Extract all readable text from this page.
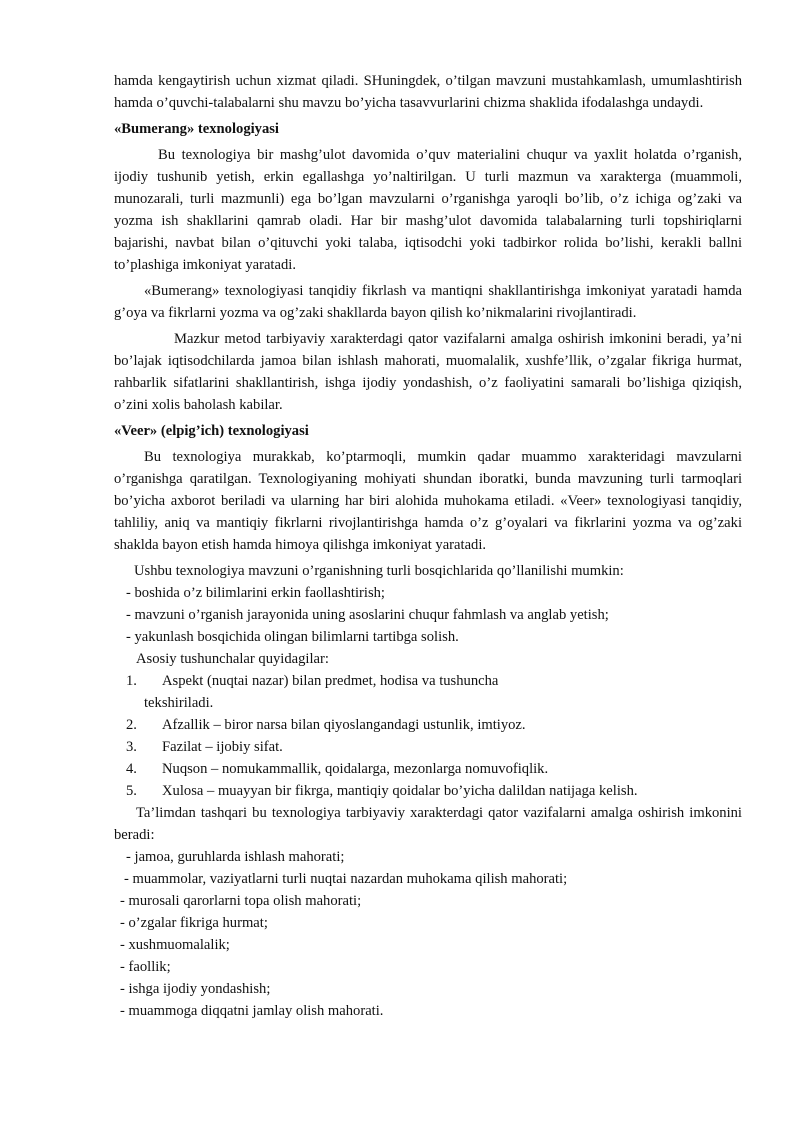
hamda kengaytirish uchun xizmat qiladi. SHuningdek, o’tilgan mavzuni mustahkamlash, umumlashtirish hamda o’quvchi-talabalarni shu mavzu bo’yicha tasavvurlarini chizma shaklida ifodalashga undaydi.

«Bumerang» texnologiyasi

Bu texnologiya bir mashg’ulot davomida o’quv materialini chuqur va yaxlit holatda o’rganish, ijodiy tushunib yetish, erkin egallashga yo’naltirilgan. U turli mazmun va xarakterga (muammoli, munozarali, turli mazmunli) ega bo’lgan mavzularni o’rganishga yaroqli bo’lib, o’z ichiga og’zaki va yozma ish shakllarini qamrab oladi. Har bir mashg’ulot davomida talabalarning turli topshiriqlarni bajarishi, navbat bilan o’qituvchi yoki talaba, iqtisodchi yoki tadbirkor rolida bo’lishi, kerakli ballni to’plashiga imkoniyat yaratadi.

«Bumerang» texnologiyasi tanqidiy fikrlash va mantiqni shakllantirishga imkoniyat yaratadi hamda g’oya va fikrlarni yozma va og’zaki shakllarda bayon qilish ko’nikmalarini rivojlantiradi.

Mazkur metod tarbiyaviy xarakterdagi qator vazifalarni amalga oshirish imkonini beradi, ya’ni bo’lajak iqtisodchilarda jamoa bilan ishlash mahorati, muomalalik, xushfe’llik, o’zgalar fikriga hurmat, rahbarlik sifatlarini shakllantirish, ishga ijodiy yondashish, o’z faoliyatini samarali bo’lishiga qiziqish, o’zini xolis baholash kabilar.

«Veer» (elpig’ich) texnologiyasi

Bu texnologiya murakkab, ko’ptarmoqli, mumkin qadar muammo xarakteridagi mavzularni o’rganishga qaratilgan. Texnologiyaning mohiyati shundan iboratki, bunda mavzuning turli tarmoqlari bo’yicha axborot beriladi va ularning har biri alohida muhokama etiladi. «Veer» texnologiyasi tanqidiy, tahliliy, aniq va mantiqiy fikrlarni rivojlantirishga hamda o’z g’oyalari va fikrlarini yozma va og’zaki shaklda bayon etish hamda himoya qilishga imkoniyat yaratadi.

Ushbu texnologiya mavzuni o’rganishning turli bosqichlarida qo’llanilishi mumkin:

- boshida o’z bilimlarini erkin faollashtirish;

- mavzuni o’rganish jarayonida uning asoslarini chuqur fahmlash va anglab yetish;

- yakunlash bosqichida olingan bilimlarni tartibga solish.

Asosiy tushunchalar quyidagilar:

1.	Aspekt (nuqtai nazar) bilan predmet, hodisa va tushuncha

tekshiriladi.

2.	Afzallik – biror narsa bilan qiyoslangandagi ustunlik, imtiyoz.
3.	Fazilat – ijobiy sifat.
4.	Nuqson – nomukammallik, qoidalarga, mezonlarga nomuvofiqlik.
5.	Xulosa – muayyan bir fikrga, mantiqiy qoidalar bo’yicha dalildan natijaga kelish.

Ta’limdan tashqari bu texnologiya tarbiyaviy xarakterdagi qator vazifalarni amalga oshirish imkonini beradi:

- jamoa, guruhlarda ishlash mahorati;

- muammolar, vaziyatlarni turli nuqtai nazardan muhokama qilish mahorati;

- murosali qarorlarni topa olish mahorati;

- o’zgalar fikriga hurmat;

- xushmuomalalik;

- faollik;

- ishga ijodiy yondashish;

- muammoga diqqatni jamlay olish mahorati.
